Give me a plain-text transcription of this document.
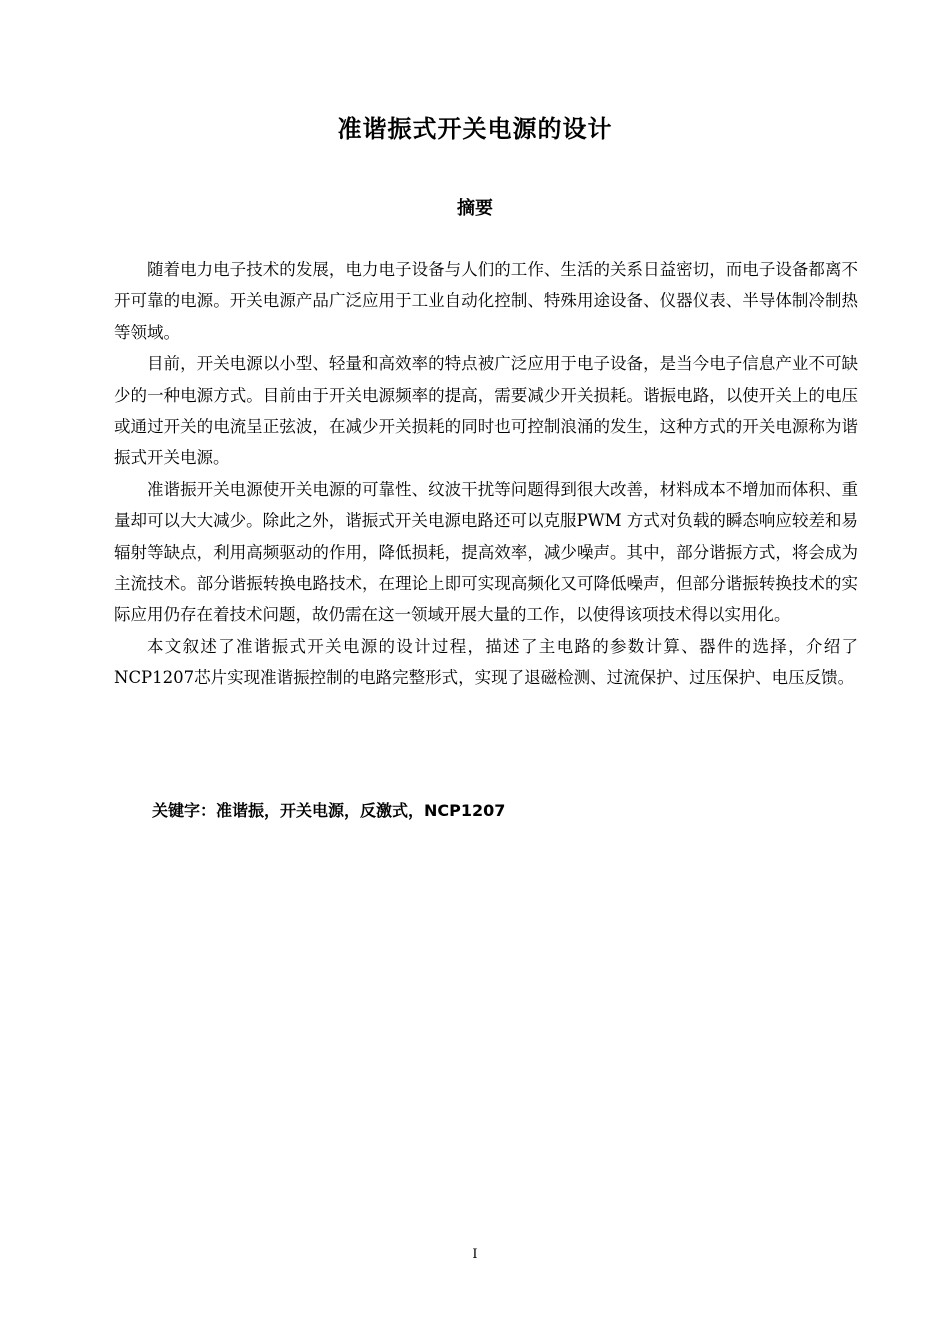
准谐振式开关电源的设计
摘要

随着电力电子技术的发展，电力电子设备与人们的工作、生活的关系日益密切，而电子设备都离不开可靠的电源。开关电源产品广泛应用于工业自动化控制、特殊用途设备、仪器仪表、半导体制冷制热等领域。

目前，开关电源以小型、轻量和高效率的特点被广泛应用于电子设备，是当今电子信息产业不可缺少的一种电源方式。目前由于开关电源频率的提高，需要减少开关损耗。谐振电路，以使开关上的电压或通过开关的电流呈正弦波，在减少开关损耗的同时也可控制浪涌的发生，这种方式的开关电源称为谐振式开关电源。

准谐振开关电源使开关电源的可靠性、纹波干扰等问题得到很大改善，材料成本不增加而体积、重量却可以大大减少。除此之外，谐振式开关电源电路还可以克服PWM 方式对负载的瞬态响应较差和易辐射等缺点，利用高频驱动的作用，降低损耗，提高效率，减少噪声。其中，部分谐振方式，将会成为主流技术。部分谐振转换电路技术，在理论上即可实现高频化又可降低噪声，但部分谐振转换技术的实际应用仍存在着技术问题，故仍需在这一领域开展大量的工作，以使得该项技术得以实用化。

本文叙述了准谐振式开关电源的设计过程，描述了主电路的参数计算、器件的选择，介绍了NCP1207芯片实现准谐振控制的电路完整形式，实现了退磁检测、过流保护、过压保护、电压反馈。

关键字：准谐振，开关电源，反激式，NCP1207
I
